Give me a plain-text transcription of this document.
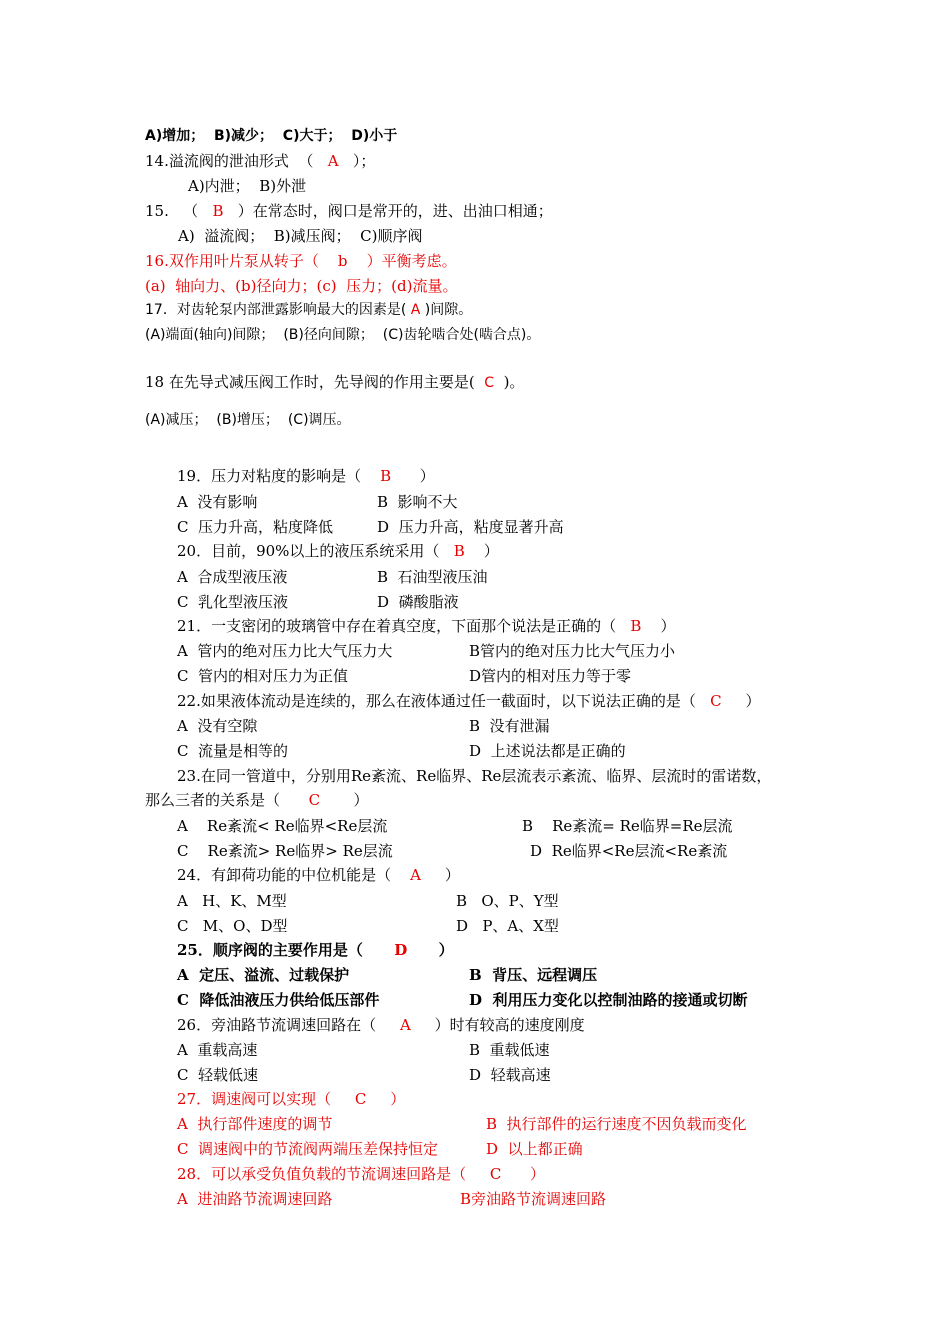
A)增加；  B)减少；  C)大于；  D)小于
14.溢流阀的泄油形式  （   A   ）；
A)内泄；  B)外泄
15.   （   B   ）在常态时，阀口是常开的，进、出油口相通；
A)  溢流阀；  B)减压阀；  C)顺序阀
16.双作用叶片泵从转子（    b    ）平衡考虑。
(a)  轴向力、(b)径向力；(c)  压力；(d)流量。
17．对齿轮泵内部泄露影响最大的因素是( A )间隙。
(A)端面(轴向)间隙；  (B)径向间隙；  (C)齿轮啮合处(啮合点)。
18 在先导式减压阀工作时，先导阀的作用主要是(  C  )。
(A)减压；  (B)增压；  (C)调压。
19．压力对粘度的影响是（    B      ）
A  没有影响	B  影响不大
C  压力升高，粘度降低	D  压力升高，粘度显著升高
20．目前，90%以上的液压系统采用（   B    ）
A  合成型液压液	B  石油型液压油
C  乳化型液压液	D  磷酸脂液
21．一支密闭的玻璃管中存在着真空度，下面那个说法是正确的（   B    ）
A  管内的绝对压力比大气压力大	B管内的绝对压力比大气压力小
C  管内的相对压力为正值	D管内的相对压力等于零
22.如果液体流动是连续的，那么在液体通过任一截面时，以下说法正确的是（   C     ）
A  没有空隙	B  没有泄漏
C  流量是相等的	D  上述说法都是正确的
23.在同一管道中，分别用Re紊流、Re临界、Re层流表示紊流、临界、层流时的雷诺数，
那么三者的关系是（      C       ）
A    Re紊流< Re临界<Re层流	B    Re紊流= Re临界=Re层流
C    Re紊流> Re临界> Re层流	D  Re临界<Re层流<Re紊流
24．有卸荷功能的中位机能是（    A     ）
A   H、K、M型	B   O、P、Y型
C   M、O、D型	D   P、A、X型
25．顺序阀的主要作用是（      D      ）
A  定压、溢流、过载保护	B  背压、远程调压
C  降低油液压力供给低压部件	D  利用压力变化以控制油路的接通或切断
26．旁油路节流调速回路在（     A     ）时有较高的速度刚度
A  重载高速	B  重载低速
C  轻载低速	D  轻载高速
27．调速阀可以实现（     C     ）
A  执行部件速度的调节	B  执行部件的运行速度不因负载而变化
C  调速阀中的节流阀两端压差保持恒定	D  以上都正确
28．可以承受负值负载的节流调速回路是（     C      ）
A  进油路节流调速回路	B旁油路节流调速回路
